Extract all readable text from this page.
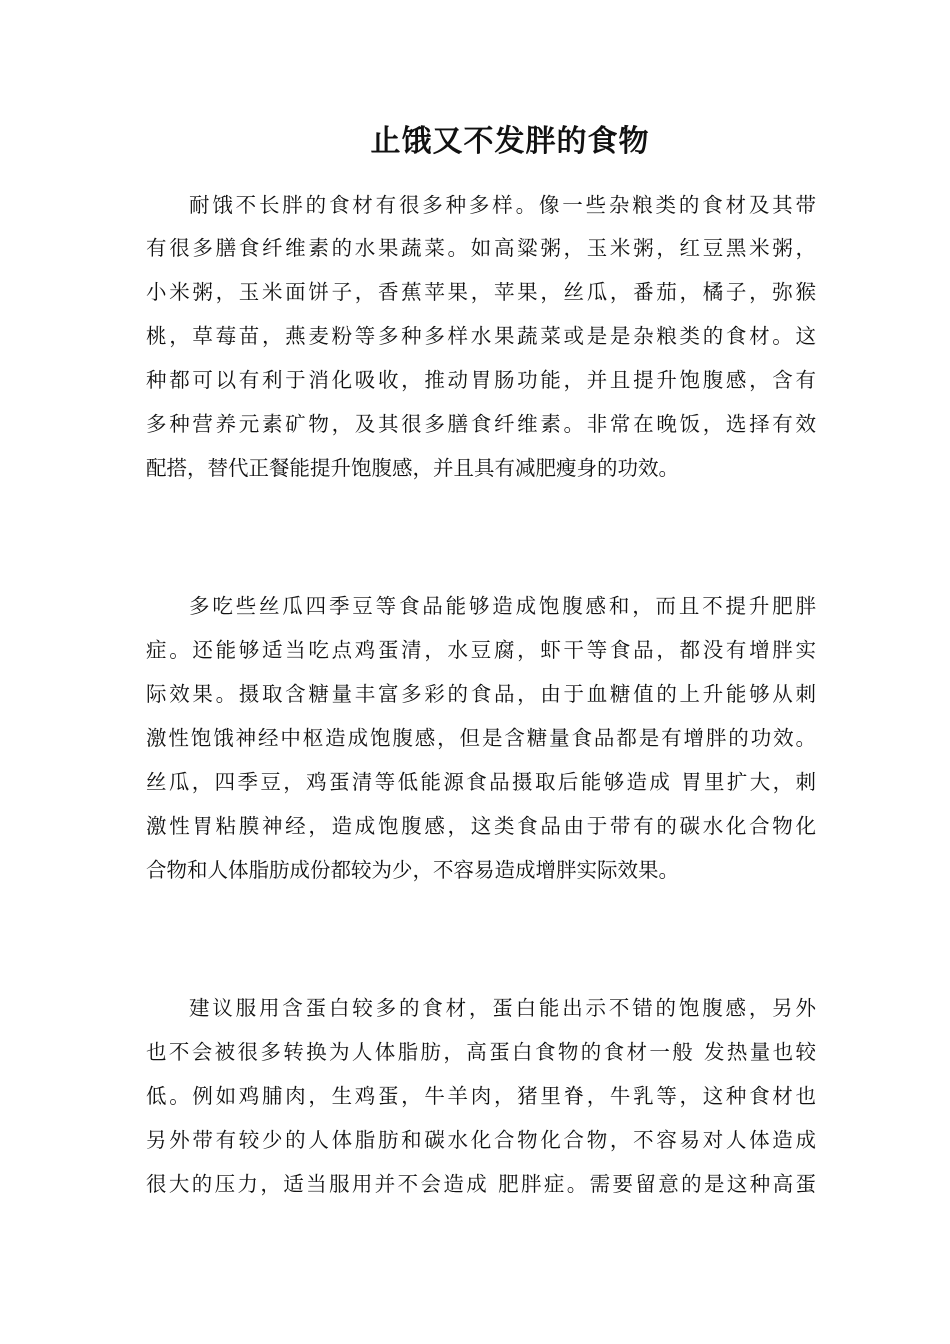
止饿又不发胖的食物
耐饿不长胖的食材有很多种多样。像一些杂粮类的食材及其带
有很多膳食纤维素的水果蔬菜。如高粱粥，玉米粥，红豆黑米粥，
小米粥，玉米面饼子，香蕉苹果，苹果，丝瓜，番茄，橘子，弥猴
桃，草莓苗，燕麦粉等多种多样水果蔬菜或是是杂粮类的食材。这
种都可以有利于消化吸收，推动胃肠功能，并且提升饱腹感，含有
多种营养元素矿物，及其很多膳食纤维素。非常在晚饭，选择有效
配搭，替代正餐能提升饱腹感，并且具有减肥瘦身的功效。
多吃些丝瓜四季豆等食品能够造成饱腹感和，而且不提升肥胖
症。还能够适当吃点鸡蛋清，水豆腐，虾干等食品，都没有增胖实
际效果。摄取含糖量丰富多彩的食品，由于血糖值的上升能够从刺
激性饱饿神经中枢造成饱腹感，但是含糖量食品都是有增胖的功效。
丝瓜，四季豆，鸡蛋清等低能源食品摄取后能够造成 胃里扩大，刺
激性胃粘膜神经，造成饱腹感，这类食品由于带有的碳水化合物化
合物和人体脂肪成份都较为少，不容易造成增胖实际效果。
建议服用含蛋白较多的食材，蛋白能出示不错的饱腹感，另外
也不会被很多转换为人体脂肪，高蛋白食物的食材一般 发热量也较
低。例如鸡脯肉，生鸡蛋，牛羊肉，猪里脊，牛乳等，这种食材也
另外带有较少的人体脂肪和碳水化合物化合物，不容易对人体造成
很大的压力，适当服用并不会造成 肥胖症。需要留意的是这种高蛋
